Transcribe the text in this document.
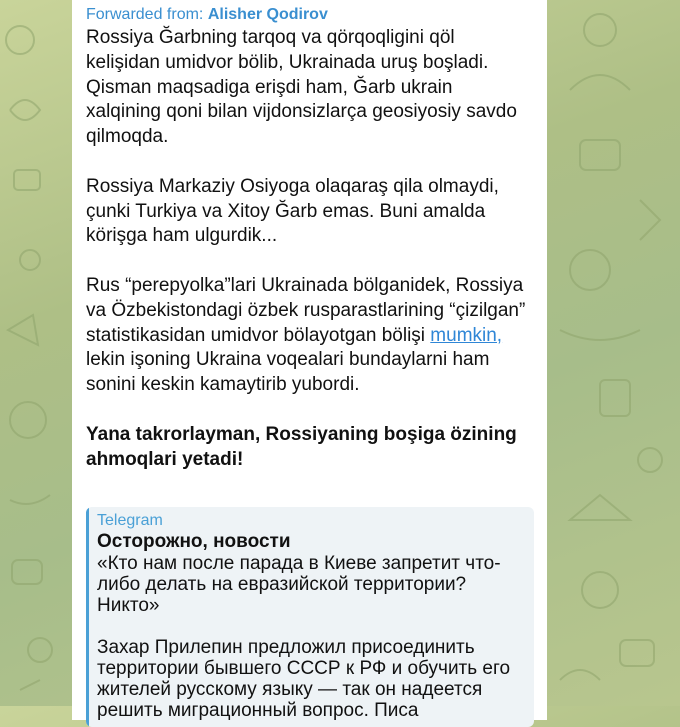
Forwarded from: Alisher Qodirov

Rossiya Ğarbning tarqoq va qörqoqligini qöl kelişidan umidvor bölib, Ukrainada uruş boşladi. Qisman maqsadiga erişdi ham, Ğarb ukrain xalqining qoni bilan vijdonsizlarça geosiyosiy savdo qilmoqda.

Rossiya Markaziy Osiyoga olaqaraş qila olmaydi, çunki Turkiya va Xitoy Ğarb emas. Buni amalda körişga ham ulgurdik...

Rus “perepyolka”lari Ukrainada bölganidek, Rossiya va Özbekistondagi özbek rusparastlarining “çizilgan” statistikasidan umidvor bölayotgan bölişi mumkin, lekin işoning Ukraina voqealari bundaylarni ham sonini keskin kamaytirib yubordi.

Yana takrorlayman, Rossiyaning boşiga özining ahmoqlari yetadi!

Telegram
Осторожно, новости

«Кто нам после парада в Киеве запретит что-либо делать на евразийской территории? Никто»

Захар Прилепин предложил присоединить территории бывшего СССР к РФ и обучить его жителей русскому языку — так он надеется решить миграционный вопрос. Писа
